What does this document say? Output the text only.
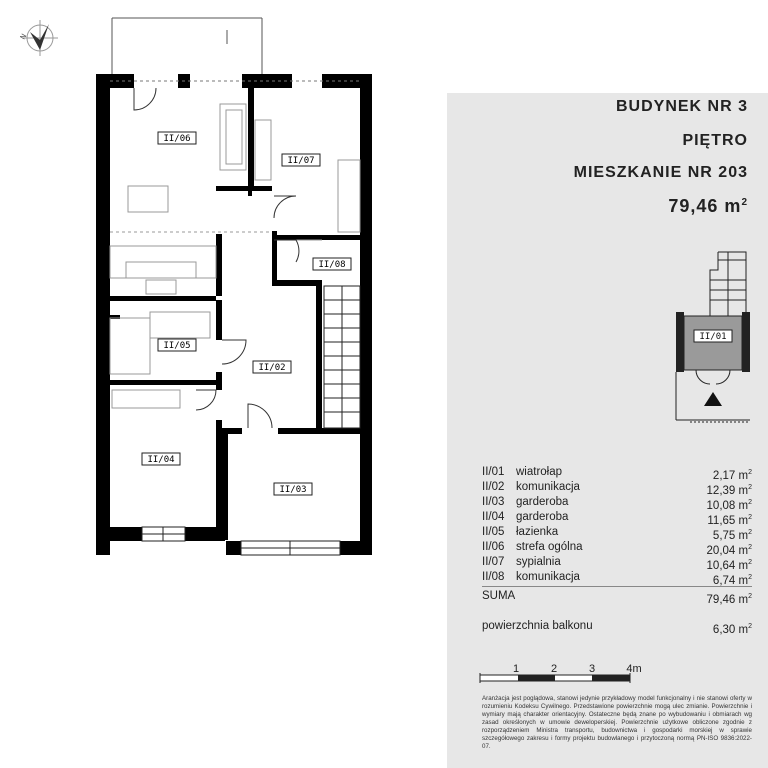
N
II/06
II/07
II/08
II/05
II/02
II/04
II/03
BUDYNEK NR 3
PIĘTRO
MIESZKANIE NR 203
79,46 $m^2$
II/01
II/01 wiatrołap	2,17 $m^2$
II/02 komunikacja	12,39 $m^2$
II/03 garderoba	10,08 $m^2$
II/04 garderoba	11,65 $m^2$
II/05 łazienka	5,75 $m^2$
II/06 strefa ogólna	20,04 $m^2$
II/07 sypialnia	10,64 $m^2$
II/08 komunikacja	6,74 $m^2$
SUMA	79,46 $m^2$
powierzchnia balkonu	6,30 $m^2$
1	2	3	4m
Aranżacja jest poglądowa, stanowi jedynie przykładowy model funkcjonalny i nie stanowi oferty w rozumieniu Kodeksu Cywilnego. Przedstawione powierzchnie mogą ulec zmianie. Powierzchnie i wymiary mają charakter orientacyjny. Ostateczne będą znane po wybudowaniu i obmiarach wg zasad określonych w umowie deweloperskiej. Powierzchnie użytkowe obliczone zgodnie z rozporządzeniem Ministra transportu, budownictwa i gospodarki morskiej w sprawie szczegółowego zakresu i formy projektu budowlanego i przytoczoną normą PN-ISO 9836:2022-07.
